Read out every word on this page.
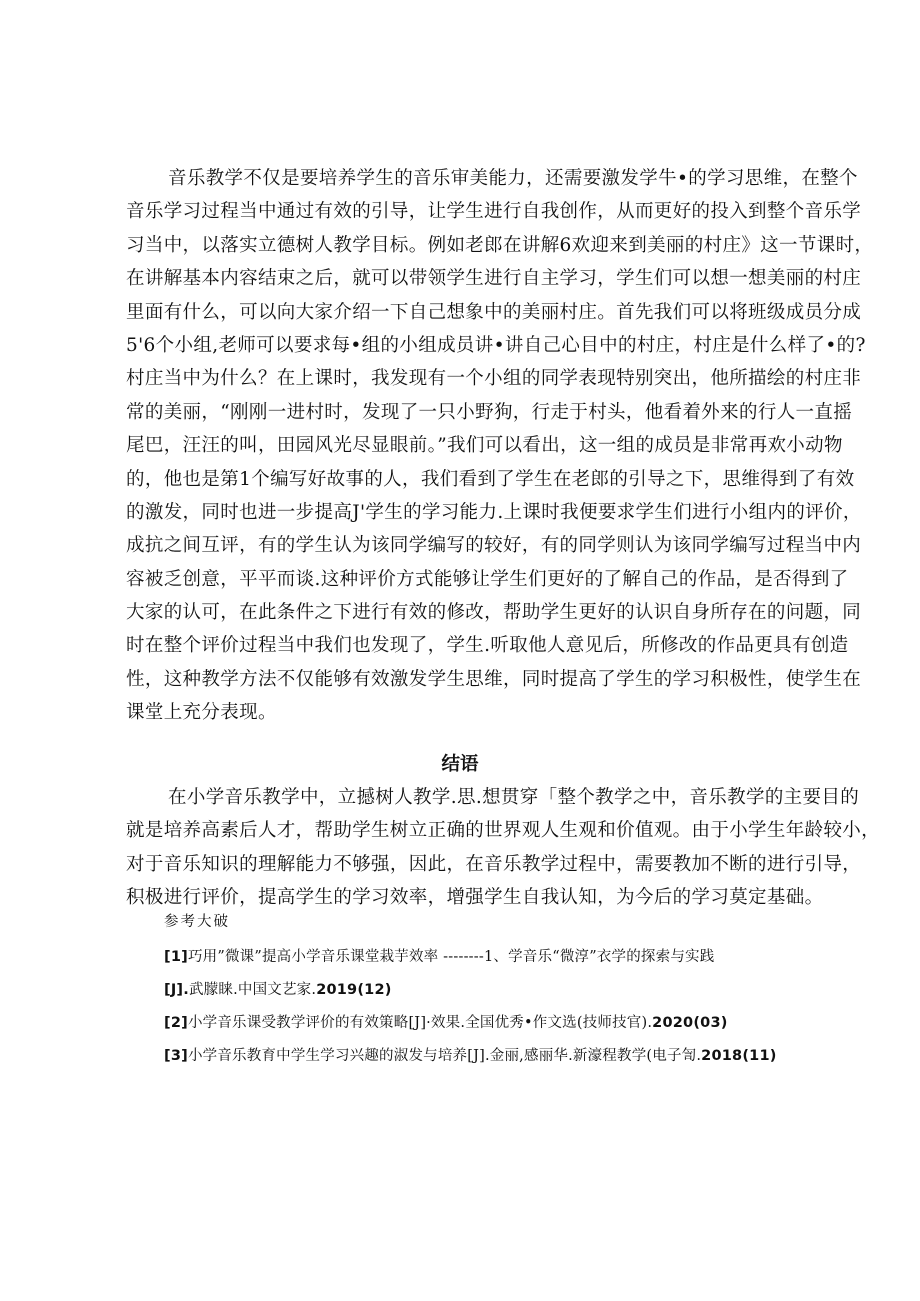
音乐教学不仅是要培养学生的音乐审美能力，还需要激发学牛•的学习思维，在整个

音乐学习过程当中通过有效的引导，让学生进行自我创作，从而更好的投入到整个音乐学

习当中，以落实立德树人教学目标。例如老郎在讲解6欢迎来到美丽的村庄》这一节课时，

在讲解基本内容结束之后，就可以带领学生进行自主学习，学生们可以想一想美丽的村庄

里面有什么，可以向大家介绍一下自己想象中的美丽村庄。首先我们可以将班级成员分成

5'6个小组,老师可以要求每•组的小组成员讲•讲自己心目中的村庄，村庄是什么样了•的?

村庄当中为什么？在上课时，我发现有一个小组的同学表现特别突出，他所描绘的村庄非

常的美丽，“刚刚一进村时，发现了一只小野狗，行走于村头，他看着外来的行人一直摇

尾巴，汪汪的叫，田园风光尽显眼前。”我们可以看出，这一组的成员是非常再欢小动物

的，他也是第1个编写好故事的人，我们看到了学生在老郎的引导之下，思维得到了有效

的激发，同时也进一步提高J'学生的学习能力.上课时我便要求学生们进行小组内的评价，

成抗之间互评，有的学生认为该同学编写的较好，有的同学则认为该同学编写过程当中内

容被乏创意，平平而谈.这种评价方式能够让学生们更好的了解自己的作品，是否得到了

大家的认可，在此条件之下进行有效的修改，帮助学生更好的认识自身所存在的问题，同

时在整个评价过程当中我们也发现了，学生.听取他人意见后，所修改的作品更具有创造

性，这种教学方法不仅能够有效激发学生思维，同时提高了学生的学习积极性，使学生在

课堂上充分表现。

结语

在小学音乐教学中，立撼树人教学.思.想贯穿「整个教学之中，音乐教学的主要目的

就是培养高素后人才，帮助学生树立正确的世界观人生观和价值观。由于小学生年龄较小，

对于音乐知识的理解能力不够强，因此，在音乐教学过程中，需要教加不断的进行引导，

积极进行评价，提高学生的学习效率，增强学生自我认知，为今后的学习莫定基础。

参考大破

[1]巧用”微课”提高小学音乐课堂栽芋效率 --------1、学音乐“微淳”衣学的探索与实践

[J].武朦睐.中国文艺家.2019(12)

[2]小学音乐课受教学评价的有效策略[J]·效果.全国优秀•作文选(技师技官).2020(03)

[3]小学音乐教育中学生学习兴趣的淑发与培养[J].金丽,感丽华.新濠程教学(电子訇.2018(11)
